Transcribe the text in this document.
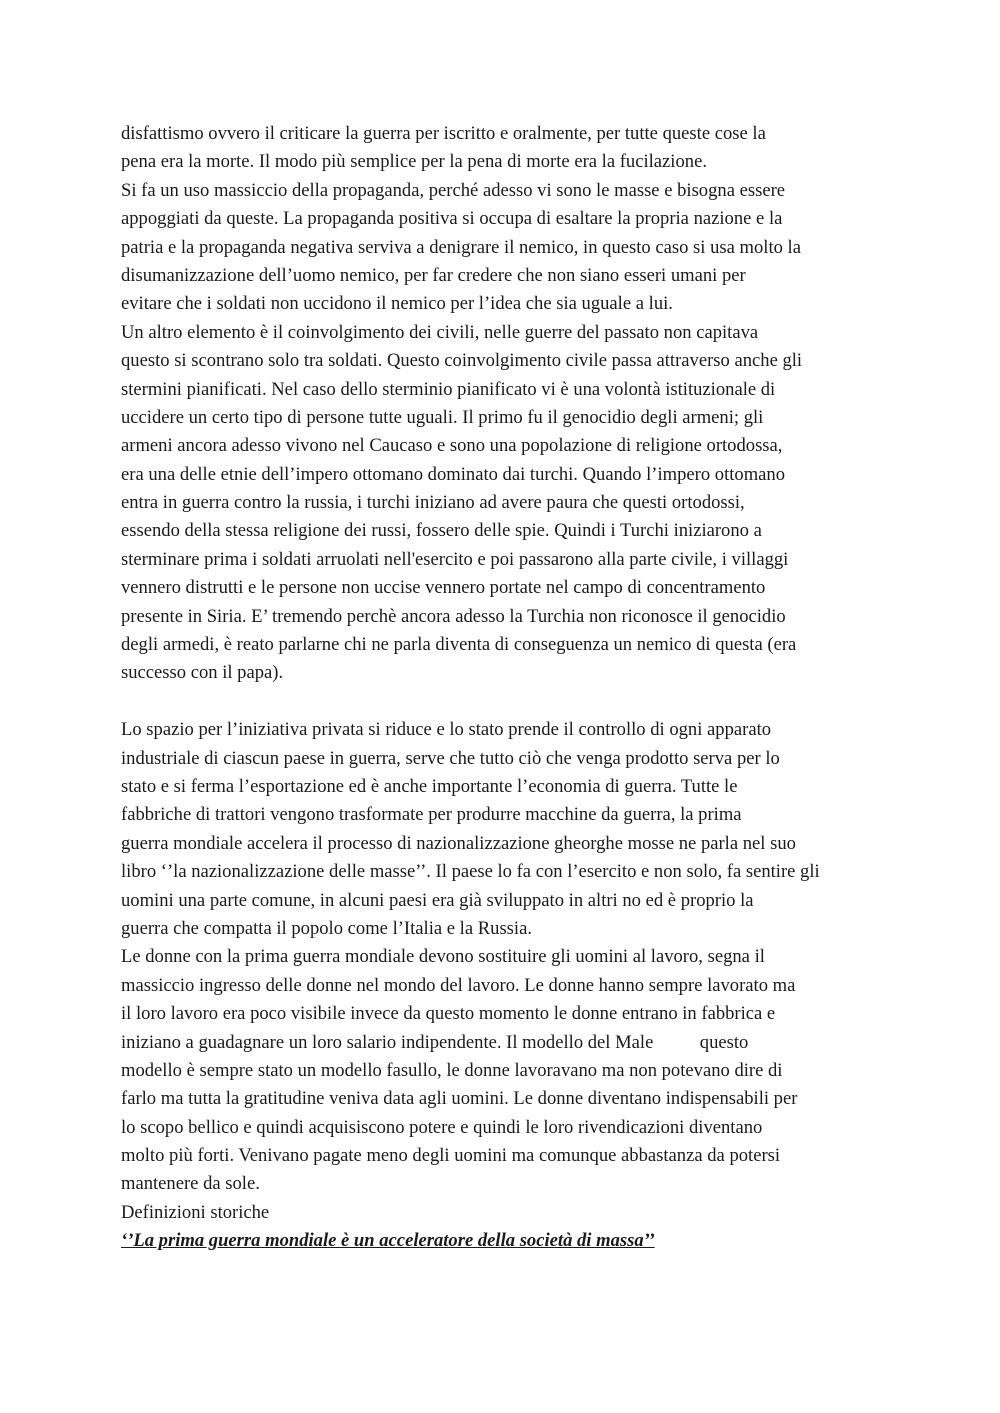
disfattismo ovvero il criticare la guerra per iscritto e oralmente, per tutte queste cose la
pena era la morte. Il modo più semplice per la pena di morte era la fucilazione.
Si fa un uso massiccio della propaganda, perché adesso vi sono le masse e bisogna essere
appoggiati da queste. La propaganda positiva si occupa di esaltare la propria nazione e la
patria e la propaganda negativa serviva a denigrare il nemico, in questo caso si usa molto la
disumanizzazione dell’uomo nemico, per far credere che non siano esseri umani per
evitare che i soldati non uccidono il nemico per l’idea che sia uguale a lui.
Un altro elemento è il coinvolgimento dei civili, nelle guerre del passato non capitava
questo si scontrano solo tra soldati. Questo coinvolgimento civile passa attraverso anche gli
stermini pianificati. Nel caso dello sterminio pianificato vi è una volontà istituzionale di
uccidere un certo tipo di persone tutte uguali. Il primo fu il genocidio degli armeni; gli
armeni ancora adesso vivono nel Caucaso e sono una popolazione di religione ortodossa,
era una delle etnie dell’impero ottomano dominato dai turchi. Quando l’impero ottomano
entra in guerra contro la russia, i turchi iniziano ad avere paura che questi ortodossi,
essendo della stessa religione dei russi, fossero delle spie. Quindi i Turchi iniziarono a
sterminare prima i soldati arruolati nell'esercito e poi passarono alla parte civile, i villaggi
vennero distrutti e le persone non uccise vennero portate nel campo di concentramento
presente in Siria. E’ tremendo perchè ancora adesso la Turchia non riconosce il genocidio
degli armedi, è reato parlarne chi ne parla diventa di conseguenza un nemico di questa (era
successo con il papa).
Lo spazio per l’iniziativa privata si riduce e lo stato prende il controllo di ogni apparato
industriale di ciascun paese in guerra, serve che tutto ciò che venga prodotto serva per lo
stato e si ferma l’esportazione ed è anche importante l’economia di guerra. Tutte le
fabbriche di trattori vengono trasformate per produrre macchine da guerra, la prima
guerra mondiale accelera il processo di nazionalizzazione gheorghe mosse ne parla nel suo
libro ‘’la nazionalizzazione delle masse’’. Il paese lo fa con l’esercito e non solo, fa sentire gli
uomini una parte comune, in alcuni paesi era già sviluppato in altri no ed è proprio la
guerra che compatta il popolo come l’Italia e la Russia.
Le donne con la prima guerra mondiale devono sostituire gli uomini al lavoro, segna il
massiccio ingresso delle donne nel mondo del lavoro. Le donne hanno sempre lavorato ma
il loro lavoro era poco visibile invece da questo momento le donne entrano in fabbrica e
iniziano a guadagnare un loro salario indipendente. Il modello del Male          questo
modello è sempre stato un modello fasullo, le donne lavoravano ma non potevano dire di
farlo ma tutta la gratitudine veniva data agli uomini. Le donne diventano indispensabili per
lo scopo bellico e quindi acquisiscono potere e quindi le loro rivendicazioni diventano
molto più forti. Venivano pagate meno degli uomini ma comunque abbastanza da potersi
mantenere da sole.
Definizioni storiche
‘’La prima guerra mondiale è un acceleratore della società di massa’’
